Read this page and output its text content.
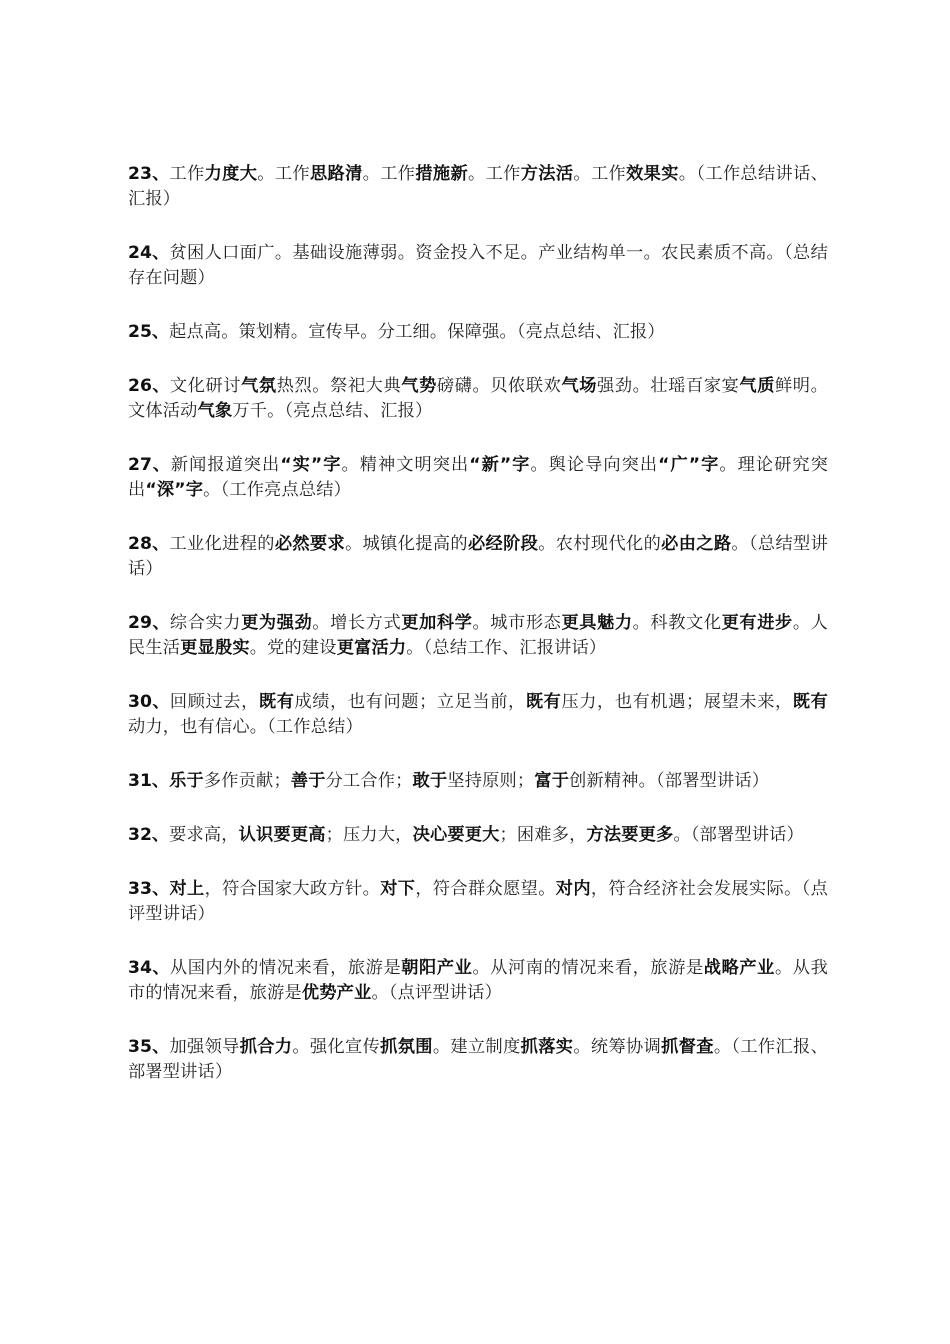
23、工作力度大。工作思路清。工作措施新。工作方法活。工作效果实。（工作总结讲话、汇报）

24、贫困人口面广。基础设施薄弱。资金投入不足。产业结构单一。农民素质不高。（总结存在问题）

25、起点高。策划精。宣传早。分工细。保障强。（亮点总结、汇报）

26、文化研讨气氛热烈。祭祀大典气势磅礴。贝侬联欢气场强劲。壮瑶百家宴气质鲜明。文体活动气象万千。（亮点总结、汇报）

27、新闻报道突出“实”字。精神文明突出“新”字。舆论导向突出“广”字。理论研究突出“深”字。（工作亮点总结）

28、工业化进程的必然要求。城镇化提高的必经阶段。农村现代化的必由之路。（总结型讲话）

29、综合实力更为强劲。增长方式更加科学。城市形态更具魅力。科教文化更有进步。人民生活更显殷实。党的建设更富活力。（总结工作、汇报讲话）

30、回顾过去，既有成绩，也有问题；立足当前，既有压力，也有机遇；展望未来，既有动力，也有信心。（工作总结）

31、乐于多作贡献；善于分工合作；敢于坚持原则；富于创新精神。（部署型讲话）

32、要求高，认识要更高；压力大，决心要更大；困难多，方法要更多。（部署型讲话）

33、对上，符合国家大政方针。对下，符合群众愿望。对内，符合经济社会发展实际。（点评型讲话）

34、从国内外的情况来看，旅游是朝阳产业。从河南的情况来看，旅游是战略产业。从我市的情况来看，旅游是优势产业。（点评型讲话）

35、加强领导抓合力。强化宣传抓氛围。建立制度抓落实。统筹协调抓督查。（工作汇报、部署型讲话）
